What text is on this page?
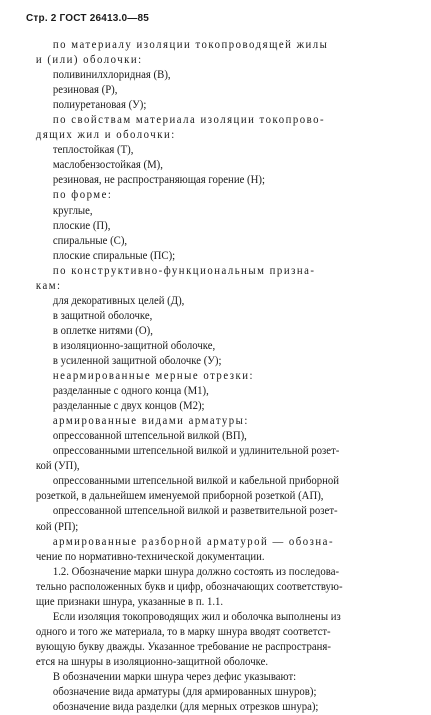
Стр. 2 ГОСТ 26413.0—85
по материалу изоляции токопроводящей жилы
и (или) оболочки:
поливинилхлоридная (В),
резиновая (Р),
полиуретановая (У);
по свойствам материала изоляции токопрово-
дящих жил и оболочки:
теплостойкая (Т),
маслобензостойкая (М),
резиновая, не распространяющая горение (Н);
по форме:
круглые,
плоские (П),
спиральные (С),
плоские спиральные (ПС);
по конструктивно-функциональным призна-
кам:
для декоративных целей (Д),
в защитной оболочке,
в оплетке нитями (О),
в изоляционно-защитной оболочке,
в усиленной защитной оболочке (У);
неармированные мерные отрезки:
разделанные с одного конца (М1),
разделанные с двух концов (М2);
армированные видами арматуры:
опрессованной штепсельной вилкой (ВП),
опрессованными штепсельной вилкой и удлинительной розет-
кой (УП),
опрессованными штепсельной вилкой и кабельной приборной
розеткой, в дальнейшем именуемой приборной розеткой (АП),
опрессованной штепсельной вилкой и разветвительной розет-
кой (РП);
армированные разборной арматурой — обозна-
чение по нормативно-технической документации.
1.2. Обозначение марки шнура должно состоять из последова-
тельно расположенных букв и цифр, обозначающих соответствую-
щие признаки шнура, указанные в п. 1.1.
Если изоляция токопроводящих жил и оболочка выполнены из
одного и того же материала, то в марку шнура вводят соответст-
вующую букву дважды. Указанное требование не распространя-
ется на шнуры в изоляционно-защитной оболочке.
В обозначении марки шнура через дефис указывают:
обозначение вида арматуры (для армированных шнуров);
обозначение вида разделки (для мерных отрезков шнура);
